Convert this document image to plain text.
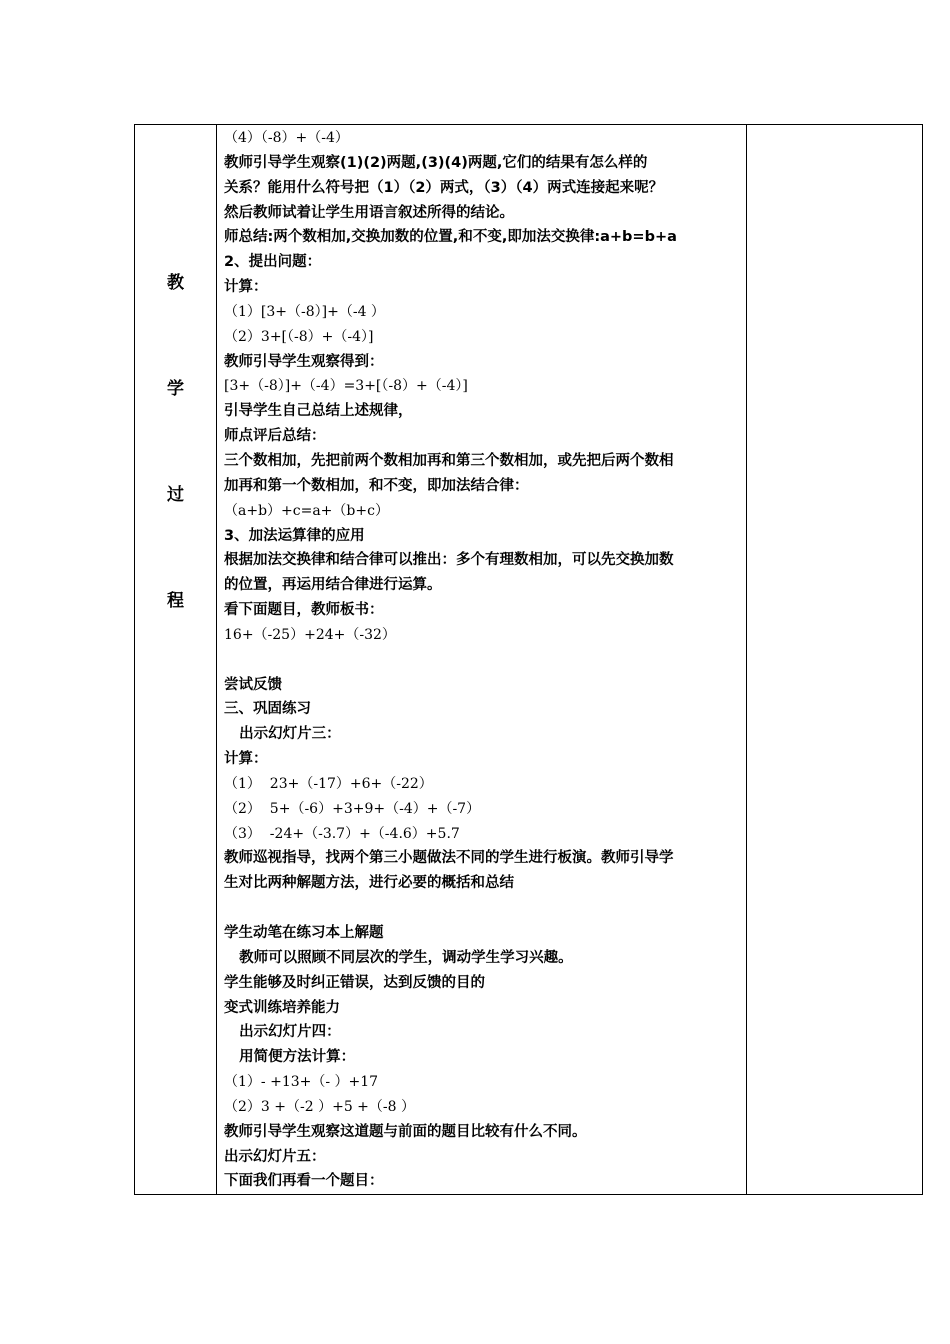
教
学
过
程
（4）（-8）+（-4）
教师引导学生观察(1)(2)两题,(3)(4)两题,它们的结果有怎么样的
关系？能用什么符号把（1）（2）两式，（3）（4）两式连接起来呢？
然后教师试着让学生用语言叙述所得的结论。
师总结:两个数相加,交换加数的位置,和不变,即加法交换律:a+b=b+a
2、提出问题：
计算：
（1）[3+（-8）]+（-4 ）
（2）3+[（-8）+（-4）]
教师引导学生观察得到：
[3+（-8）]+（-4）=3+[（-8）+（-4）]
引导学生自己总结上述规律，
师点评后总结：
三个数相加，先把前两个数相加再和第三个数相加，或先把后两个数相
加再和第一个数相加，和不变，即加法结合律：
（a+b）+c=a+（b+c）
3、加法运算律的应用
根据加法交换律和结合律可以推出：多个有理数相加，可以先交换加数
的位置，再运用结合律进行运算。
看下面题目，教师板书：
16+（-25）+24+（-32）
尝试反馈
三、巩固练习
出示幻灯片三：
计算：
（1）  23+（-17）+6+（-22）
（2）  5+（-6）+3+9+（-4）+（-7）
（3）  -24+（-3.7）+（-4.6）+5.7
教师巡视指导，找两个第三小题做法不同的学生进行板演。教师引导学
生对比两种解题方法，进行必要的概括和总结
学生动笔在练习本上解题
教师可以照顾不同层次的学生，调动学生学习兴趣。
学生能够及时纠正错误，达到反馈的目的
变式训练培养能力
出示幻灯片四：
用简便方法计算：
（1）- +13+（- ）+17
（2）3 +（-2 ）+5 +（-8 ）
教师引导学生观察这道题与前面的题目比较有什么不同。
出示幻灯片五：
下面我们再看一个题目：
